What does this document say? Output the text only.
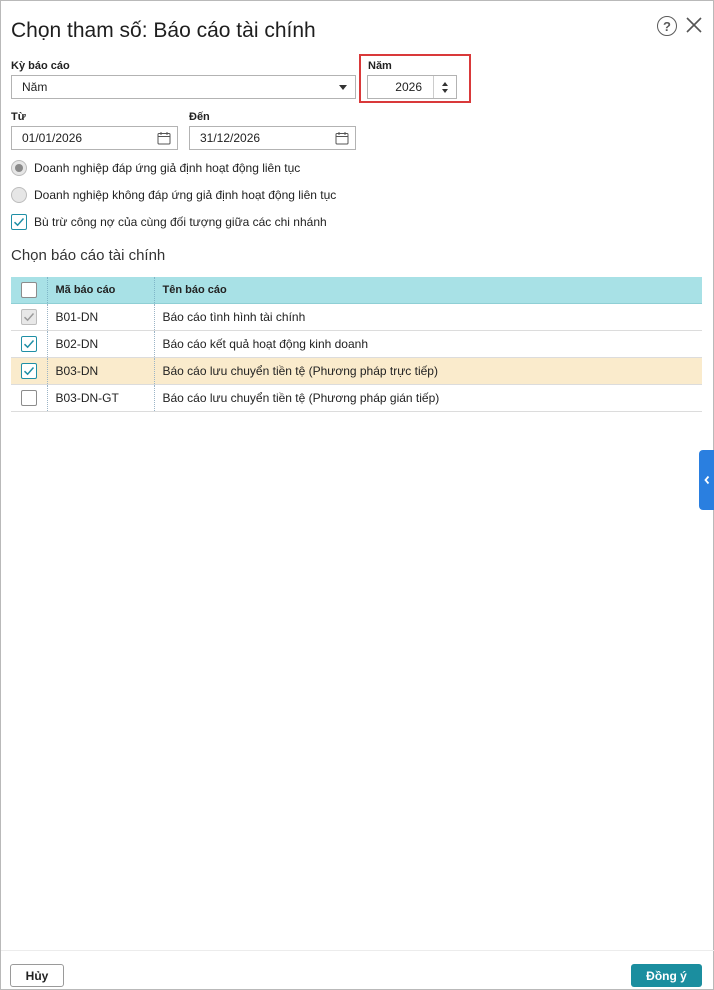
Chọn tham số: Báo cáo tài chính	?
Kỳ báo cáo
Năm
Năm
2026
Từ
01/01/2026
Đến
31/12/2026
Doanh nghiệp đáp ứng giả định hoạt động liên tục
Doanh nghiệp không đáp ứng giả định hoạt động liên tục
Bù trừ công nợ của cùng đối tượng giữa các chi nhánh
Chọn báo cáo tài chính
	Mã báo cáo	Tên báo cáo

	B01-DN	Báo cáo tình hình tài chính

	B02-DN	Báo cáo kết quả hoạt động kinh doanh

	B03-DN	Báo cáo lưu chuyển tiền tệ (Phương pháp trực tiếp)

	B03-DN-GT	Báo cáo lưu chuyển tiền tệ (Phương pháp gián tiếp)
Hủy	Đồng ý
